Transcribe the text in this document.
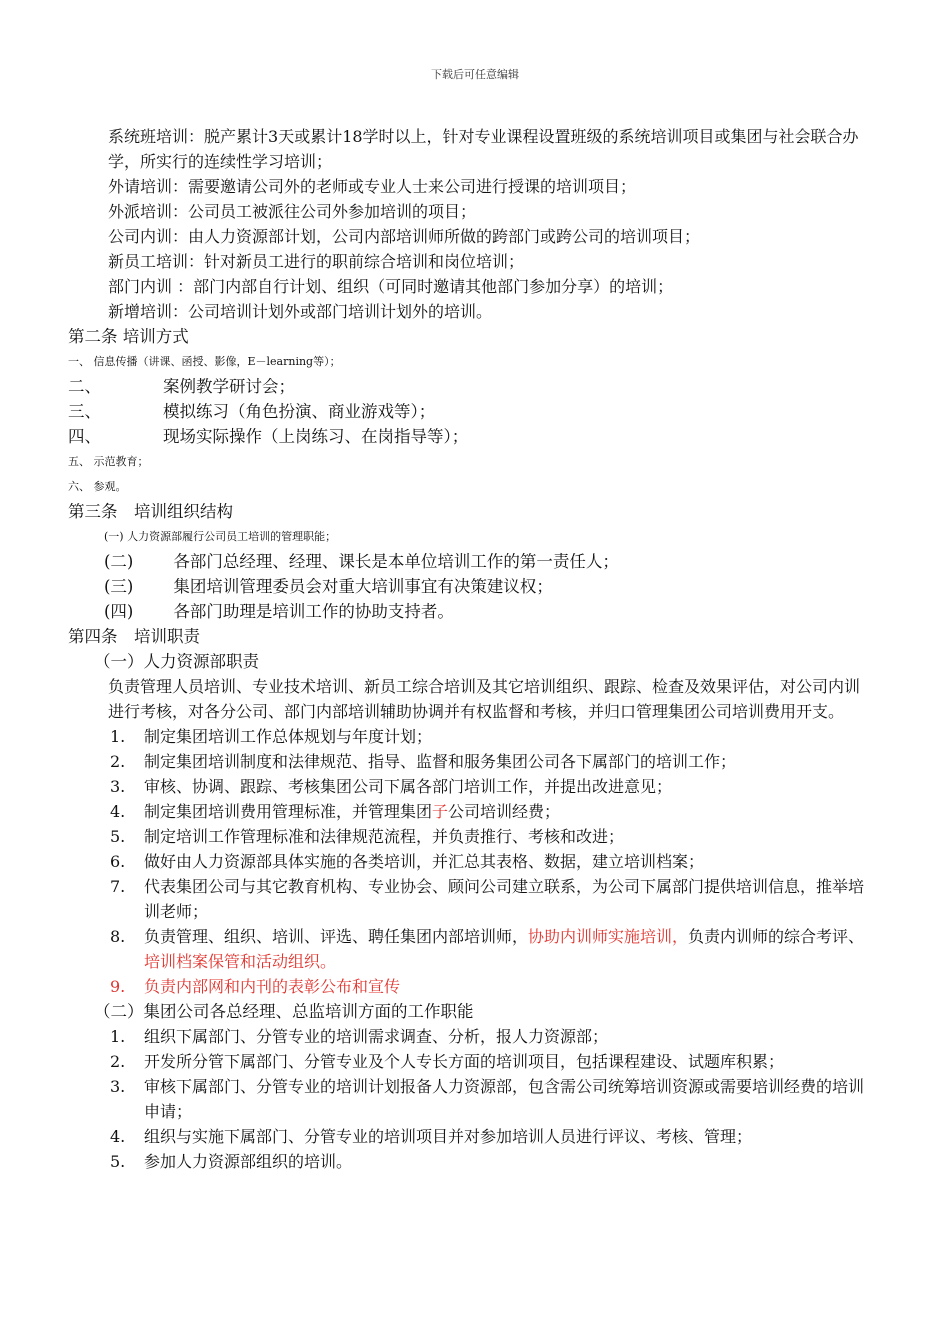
下载后可任意编辑
系统班培训：脱产累计3天或累计18学时以上，针对专业课程设置班级的系统培训项目或集团与社会联合办学，所实行的连续性学习培训；
外请培训：需要邀请公司外的老师或专业人士来公司进行授课的培训项目；
外派培训：公司员工被派往公司外参加培训的项目；
公司内训：由人力资源部计划，公司内部培训师所做的跨部门或跨公司的培训项目；
新员工培训：针对新员工进行的职前综合培训和岗位培训；
部门内训 ：部门内部自行计划、组织（可同时邀请其他部门参加分享）的培训；
新增培训：公司培训计划外或部门培训计划外的培训。
第二条 培训方式
一、 信息传播（讲课、函授、影像，E－learning等）；
二、	案例教学研讨会；
三、	模拟练习（角色扮演、商业游戏等）；
四、	现场实际操作（上岗练习、在岗指导等）；
五、 示范教育；
六、 参观。
第三条　培训组织结构
(一) 人力资源部履行公司员工培训的管理职能；
(二) 各部门总经理、经理、课长是本单位培训工作的第一责任人；
(三) 集团培训管理委员会对重大培训事宜有决策建议权；
(四) 各部门助理是培训工作的协助支持者。
第四条　培训职责
（一）人力资源部职责
负责管理人员培训、专业技术培训、新员工综合培训及其它培训组织、跟踪、检查及效果评估，对公司内训进行考核，对各分公司、部门内部培训辅助协调并有权监督和考核，并归口管理集团公司培训费用开支。
1.	制定集团培训工作总体规划与年度计划；
2.	制定集团培训制度和法律规范、指导、监督和服务集团公司各下属部门的培训工作；
3.	审核、协调、跟踪、考核集团公司下属各部门培训工作，并提出改进意见；
4.	制定集团培训费用管理标准，并管理集团子公司培训经费；
5.	制定培训工作管理标准和法律规范流程，并负责推行、考核和改进；
6.	做好由人力资源部具体实施的各类培训，并汇总其表格、数据，建立培训档案；
7.	代表集团公司与其它教育机构、专业协会、顾问公司建立联系，为公司下属部门提供培训信息，推举培训老师；
8.	负责管理、组织、培训、评选、聘任集团内部培训师，协助内训师实施培训，负责内训师的综合考评、培训档案保管和活动组织。
9.	负责内部网和内刊的表彰公布和宣传
（二）集团公司各总经理、总监培训方面的工作职能
1.	组织下属部门、分管专业的培训需求调查、分析，报人力资源部；
2.	开发所分管下属部门、分管专业及个人专长方面的培训项目，包括课程建设、试题库积累；
3.	审核下属部门、分管专业的培训计划报备人力资源部，包含需公司统筹培训资源或需要培训经费的培训申请；
4.	组织与实施下属部门、分管专业的培训项目并对参加培训人员进行评议、考核、管理；
5.	参加人力资源部组织的培训。
